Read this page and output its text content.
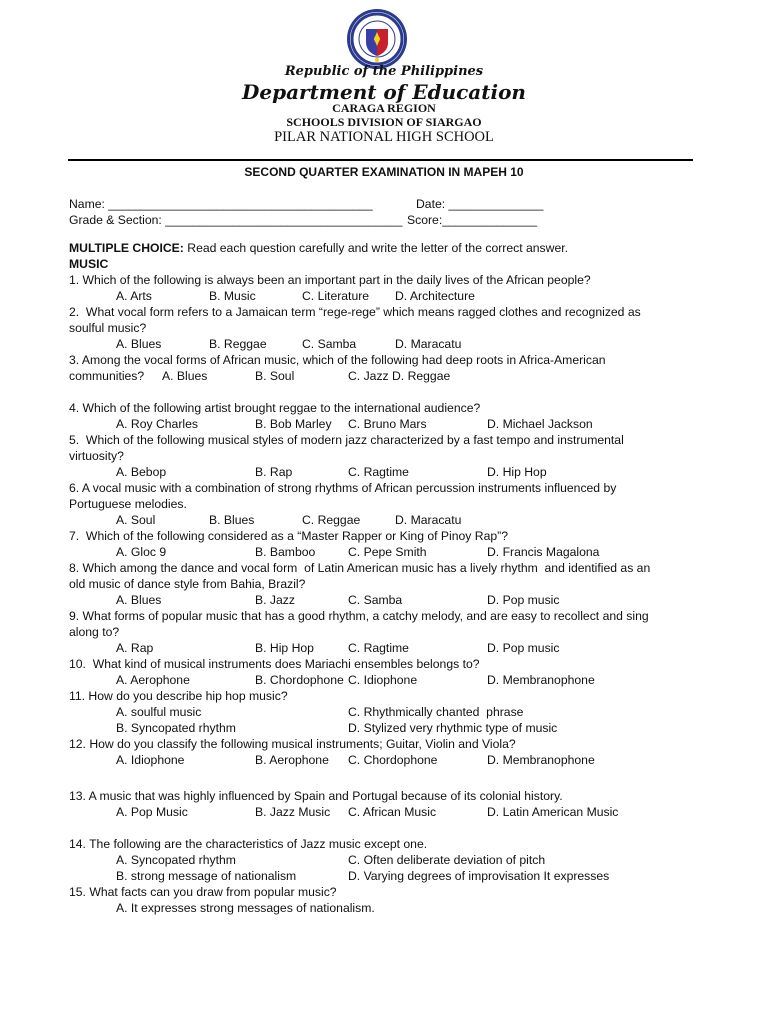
Republic of the Philippines
Department of Education
CARAGA REGION
SCHOOLS DIVISION OF SIARGAO
PILAR NATIONAL HIGH SCHOOL
SECOND QUARTER EXAMINATION IN MAPEH 10
Name: _______________________________________	Date: ______________
Grade & Section: ___________________________________ Score:______________
MULTIPLE CHOICE: Read each question carefully and write the letter of the correct answer.
MUSIC
1. Which of the following is always been an important part in the daily lives of the African people?
A. Arts	B. Music	C. Literature D. Architecture
2.  What vocal form refers to a Jamaican term “rege-rege” which means ragged clothes and recognized as
soulful music?
A. Blues	B. Reggae	C. Samba	D. Maracatu
3. Among the vocal forms of African music, which of the following had deep roots in Africa-American
communities? A. Blues	B. Soul	C. Jazz D. Reggae
4. Which of the following artist brought reggae to the international audience?
A. Roy Charles	B. Bob Marley C. Bruno Mars	D. Michael Jackson
5.  Which of the following musical styles of modern jazz characterized by a fast tempo and instrumental
virtuosity?
A. Bebop	B. Rap	C. Ragtime	D. Hip Hop
6. A vocal music with a combination of strong rhythms of African percussion instruments influenced by
Portuguese melodies.
A. Soul	B. Blues	C. Reggae	D. Maracatu
7.  Which of the following considered as a “Master Rapper or King of Pinoy Rap”?
A. Gloc 9	B. Bamboo	C. Pepe Smith	D. Francis Magalona
8. Which among the dance and vocal form  of Latin American music has a lively rhythm  and identified as an
old music of dance style from Bahia, Brazil?
A. Blues	B. Jazz	C. Samba	D. Pop music
9. What forms of popular music that has a good rhythm, a catchy melody, and are easy to recollect and sing
along to?
A. Rap	B. Hip Hop	C. Ragtime	D. Pop music
10.  What kind of musical instruments does Mariachi ensembles belongs to?
A. Aerophone	B. Chordophone C. Idiophone	D. Membranophone
11. How do you describe hip hop music?
A. soulful music	C. Rhythmically chanted  phrase
B. Syncopated rhythm	D. Stylized very rhythmic type of music
12. How do you classify the following musical instruments; Guitar, Violin and Viola?
A. Idiophone	B. Aerophone C. Chordophone	D. Membranophone
13. A music that was highly influenced by Spain and Portugal because of its colonial history.
A. Pop Music	B. Jazz Music C. African Music	D. Latin American Music
14. The following are the characteristics of Jazz music except one.
A. Syncopated rhythm	C. Often deliberate deviation of pitch
B. strong message of nationalism	D. Varying degrees of improvisation It expresses
15. What facts can you draw from popular music?
A. It expresses strong messages of nationalism.
